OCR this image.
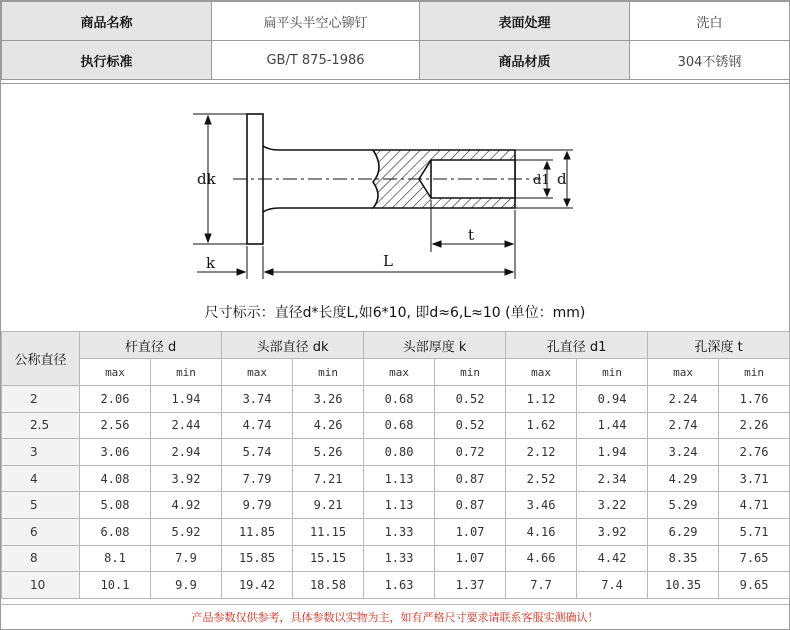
商品名称	扁平头半空心铆钉	表面处理	洗白
执行标准	GB/T 875-1986	商品材质	304不锈钢
dk
k	L
d1 d
t
尺寸标示：直径d*长度L,如6*10, 即d≈6,L≈10 (单位：mm)
公称直径	杆直径 d		头部直径 dk		头部厚度 k		孔直径 d1		孔深度 t	
	max	min	max	min	max	min	max	min	max	min
2	2.06	1.94	3.74	3.26	0.68	0.52	1.12	0.94	2.24	1.76
2.5	2.56	2.44	4.74	4.26	0.68	0.52	1.62	1.44	2.74	2.26
3	3.06	2.94	5.74	5.26	0.80	0.72	2.12	1.94	3.24	2.76
4	4.08	3.92	7.79	7.21	1.13	0.87	2.52	2.34	4.29	3.71
5	5.08	4.92	9.79	9.21	1.13	0.87	3.46	3.22	5.29	4.71
6	6.08	5.92	11.85	11.15	1.33	1.07	4.16	3.92	6.29	5.71
8	8.1	7.9	15.85	15.15	1.33	1.07	4.66	4.42	8.35	7.65
10	10.1	9.9	19.42	18.58	1.63	1.37	7.7	7.4	10.35	9.65
产品参数仅供参考，具体参数以实物为主，如有严格尺寸要求请联系客服实测确认！
